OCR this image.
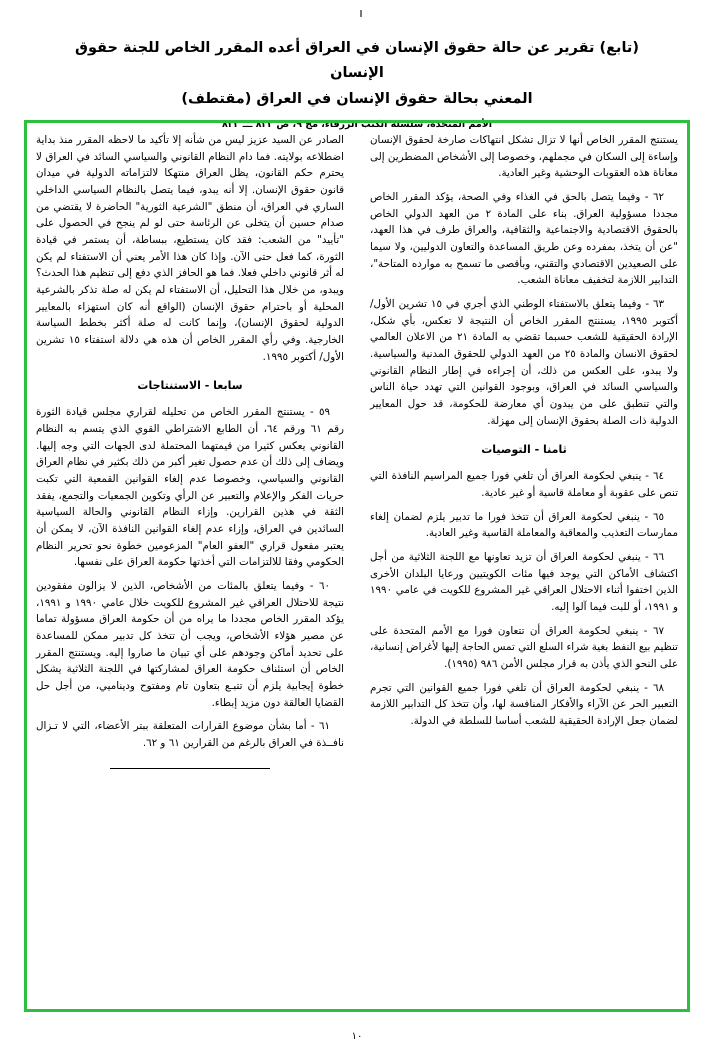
(تابع) تقرير عن حالة حقوق الإنسان في العراق أعده المقرر الخاص للجنة حقوق الإنسان
المعني بحالة حقوق الإنسان في العراق (مقتطف)
"الأمم المتحدة، سلسلة الكتب الزرقاء، مج ٩، ص ٨٢٣ ـــ ٨٣٢"

يستنتج المقرر الخاص أنها لا تزال تشكل انتهاكات صارخة لحقوق الإنسان وإساءة إلى السكان في مجملهم، وخصوصا إلى الأشخاص المضطرين إلى معاناة هذه العقوبات الوحشية وغير العادية.

٦٢ - وفيما يتصل بالحق في الغذاء وفي الصحة، يؤكد المقرر الخاص مجددا مسؤولية العراق. بناء على المادة ٢ من العهد الدولي الخاص بالحقوق الاقتصادية والاجتماعية والثقافية، والعراق طرف في هذا العهد، "عن أن يتخذ، بمفرده وعن طريق المساعدة والتعاون الدوليين، ولا سيما على الصعيدين الاقتصادي والتقني، وبأقصى ما تسمح به موارده المتاحة"، التدابير اللازمة لتخفيف معاناة الشعب.

٦٣ - وفيما يتعلق بالاستفتاء الوطني الذي أجري في ١٥ تشرين الأول/ أكتوبر ١٩٩٥، يستنتج المقرر الخاص أن النتيجة لا تعكس، بأي شكل، الإرادة الحقيقية للشعب حسبما تقضي به المادة ٢١ من الاعلان العالمي لحقوق الانسان والمادة ٢٥ من العهد الدولي للحقوق المدنية والسياسية. ولا يبدو، على العكس من ذلك، أن إجراءه في إطار النظام القانوني والسياسي السائد في العراق، وبوجود القوانين التي تهدد حياة الناس والتي تنطبق على من يبدون أي معارضة للحكومة، قد حول المعايير الدولية ذات الصلة بحقوق الإنسان إلى مهزلة.

ثامنا - التوصيات

٦٤ - ينبغي لحكومة العراق أن تلغي فورا جميع المراسيم النافذة التي تنص على عقوبة أو معاملة قاسية أو غير عادية.

٦٥ - ينبغي لحكومة العراق أن تتخذ فورا ما تدبير يلزم لضمان إلغاء ممارسات التعذيب والمعاقبة والمعاملة القاسية وغير العادية.

٦٦ - ينبغي لحكومة العراق أن تزيد تعاونها مع اللجنة الثلاثية من أجل اكتشاف الأماكن التي يوجد فيها مئات الكويتيين ورعايا البلدان الأخرى الذين اختفوا أثناء الاحتلال العراقي غير المشروع للكويت في عامي ١٩٩٠ و ١٩٩١، أو للبت فيما آلوا إليه.

٦٧ - ينبغي لحكومة العراق أن تتعاون فورا مع الأمم المتحدة على تنظيم بيع النفط بغية شراء السلع التي تمس الحاجة إليها لأغراض إنسانية، على النحو الذي يأذن به قرار مجلس الأمن ٩٨٦ (١٩٩٥).

٦٨ - ينبغي لحكومة العراق أن تلغي فورا جميع القوانين التي تجرم التعبير الحر عن الآراء والأفكار المنافسة لها، وأن تتخذ كل التدابير اللازمة لضمان جعل الإرادة الحقيقية للشعب أساسا للسلطة في الدولة.

الصادر عن السيد عزيز ليس من شأنه إلا تأكيد ما لاحظه المقرر منذ بداية اضطلاعه بولايته. فما دام النظام القانوني والسياسي السائد في العراق لا يحترم حكم القانون، يظل العراق منتهكا لالتزاماته الدولية في ميدان قانون حقوق الإنسان. إلا أنه يبدو، فيما يتصل بالنظام السياسي الداخلي الساري في العراق، أن منطق "الشرعية الثورية" الحاضرة لا يقتضي من صدام حسين أن يتخلى عن الرئاسة حتى لو لم ينجح في الحصول على "تأييد" من الشعب: فقد كان يستطيع، ببساطة، أن يستمر في قيادة الثورة، كما فعل حتى الآن. وإذا كان هذا الأمر يعني أن الاستفتاء لم يكن له أثر قانوني داخلي فعلا. فما هو الحافز الذي دفع إلى تنظيم هذا الحدث؟ ويبدو، من خلال هذا التحليل، أن الاستفتاء لم يكن له صلة تذكر بالشرعية المحلية أو باحترام حقوق الإنسان (الواقع أنه كان استهزاء بالمعايير الدولية لحقوق الإنسان)، وإنما كانت له صلة أكثر بخطط السياسة الخارجية. وفي رأي المقرر الخاص أن هذه هي دلالة استفتاء ١٥ تشرين الأول/ أكتوبر ١٩٩٥.

سابعا - الاستنتاجات

٥٩ - يستنتج المقرر الخاص من تحليله لقراري مجلس قيادة الثورة رقم ٦١ ورقم ٦٤، أن الطابع الاشتراطي القوي الذي يتسم به النظام القانوني يعكس كثيرا من قيمتهما المحتملة لدى الجهات التي وجه إليها. ويضاف إلى ذلك أن عدم حصول تغير أكبر من ذلك بكثير في نظام العراق القانوني والسياسي، وخصوصا عدم إلغاء القوانين القمعية التي تكبت حريات الفكر والإعلام والتعبير عن الرأي وتكوين الجمعيات والتجمع، يفقد الثقة في هذين القرارين. وإزاء النظام القانوني والحالة السياسية السائدين في العراق، وإزاء عدم إلغاء القوانين النافذة الآن، لا يمكن أن يعتبر مفعول قراري "العفو العام" المزعومين خطوة نحو تحرير النظام الحكومي وفقا للالتزامات التي أخذتها حكومة العراق على نفسها.

٦٠ - وفيما يتعلق بالمئات من الأشخاص، الذين لا يزالون مفقودين نتيجة للاحتلال العراقي غير المشروع للكويت خلال عامي ١٩٩٠ و ١٩٩١، يؤكد المقرر الخاص مجددا ما يراه من أن حكومة العراق مسؤولة تماما عن مصير هؤلاء الأشخاص، ويجب أن تتخذ كل تدبير ممكن للمساعدة على تحديد أماكن وجودهم على أي تبيان ما صاروا إليه. ويستنتج المقرر الخاص أن استئناف حكومة العراق لمشاركتها في اللجنة الثلاثية يشكل خطوة إيجابية يلزم أن تتبـع بتعاون تام ومفتوح وديناميي، من أجل حل القضايا العالقة دون مزيد إبطاء.

٦١ - أما بشأن موضوع القرارات المتعلقة ببتر الأعضاء، التي لا تـزال نافــذة في العراق بالرغم من القرارين ٦١ و ٦٢.

١٠
